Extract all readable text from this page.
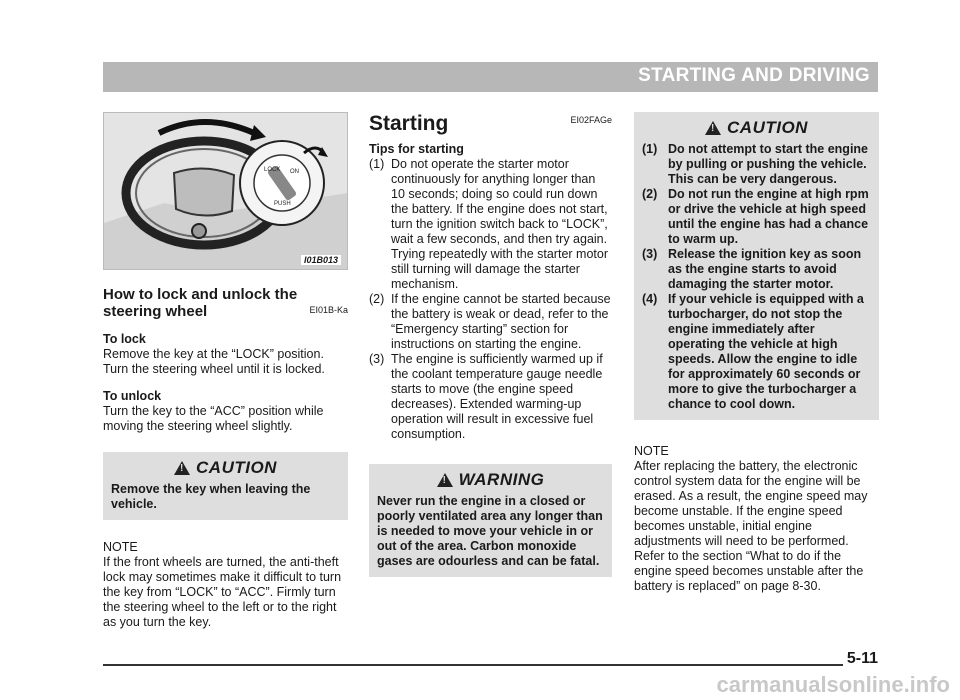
STARTING AND DRIVING
LOCK ON
PUSH
I01B013
How to lock and unlock the
steering wheel	EI01B-Ka
To lock

Remove the key at the “LOCK” position. Turn the steering wheel until it is locked.

To unlock

Turn the key to the “ACC” position while moving the steering wheel slightly.

!
CAUTION
Remove the key when leaving the vehicle.
NOTE

If the front wheels are turned, the anti-theft lock may sometimes make it difficult to turn the key from “LOCK” to “ACC”. Firmly turn the steering wheel to the left or to the right as you turn the key.

Starting	EI02FAGe
Tips for starting
(1) Do not operate the starter motor continuously for anything longer than 10 seconds; doing so could run down the battery. If the engine does not start, turn the ignition switch back to “LOCK”, wait a few seconds, and then try again. Trying repeatedly with the starter motor still turning will damage the starter mechanism.
(2) If the engine cannot be started because the battery is weak or dead, refer to the “Emergency starting” section for instructions on starting the engine.
(3) The engine is sufficiently warmed up if the coolant temperature gauge needle starts to move (the engine speed decreases). Extended warming-up operation will result in excessive fuel consumption.
!
WARNING
Never run the engine in a closed or poorly ventilated area any longer than is needed to move your vehicle in or out of the area. Carbon monoxide gases are odourless and can be fatal.
!
CAUTION
(1) Do not attempt to start the engine by pulling or pushing the vehicle. This can be very dangerous.
(2) Do not run the engine at high rpm or drive the vehicle at high speed until the engine has had a chance to warm up.
(3) Release the ignition key as soon as the engine starts to avoid damaging the starter motor.
(4) If your vehicle is equipped with a turbocharger, do not stop the engine immediately after operating the vehicle at high speeds. Allow the engine to idle for approximately 60 seconds or more to give the turbocharger a chance to cool down.
NOTE

After replacing the battery, the electronic control system data for the engine will be erased. As a result, the engine speed may become unstable. If the engine speed becomes unstable, initial engine adjustments will need to be performed. Refer to the section “What to do if the engine speed becomes unstable after the battery is replaced” on page 8-30.

5-11
carmanualsonline.info
